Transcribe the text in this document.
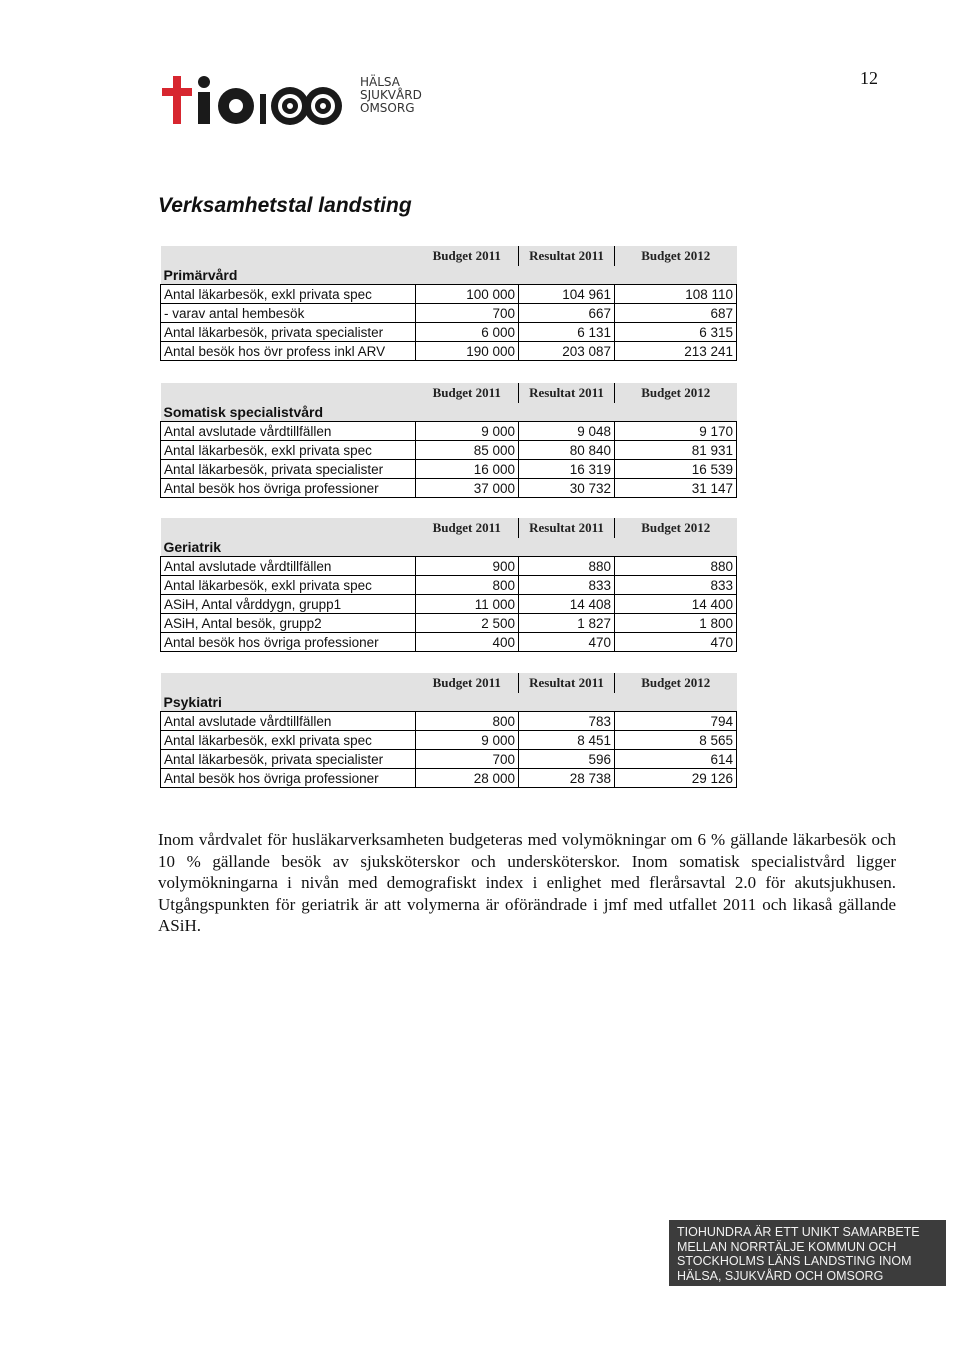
HÄLSA
SJUKVÅRD
OMSORG
12
Verksamhetstal landsting
	Budget 2011	Resultat 2011	Budget 2012
Primärvård			
Antal läkarbesök, exkl privata spec	100 000	104 961	108 110
- varav antal hembesök	700	667	687
Antal läkarbesök, privata specialister	6 000	6 131	6 315
Antal besök hos övr profess inkl ARV	190 000	203 087	213 241
	Budget 2011	Resultat 2011	Budget 2012
Somatisk specialistvård			
Antal avslutade vårdtillfällen	9 000	9 048	9 170
Antal läkarbesök, exkl privata spec	85 000	80 840	81 931
Antal läkarbesök, privata specialister	16 000	16 319	16 539
Antal besök hos övriga professioner	37 000	30 732	31 147
	Budget 2011	Resultat 2011	Budget 2012
Geriatrik			
Antal avslutade vårdtillfällen	900	880	880
Antal läkarbesök, exkl privata spec	800	833	833
ASiH, Antal vårddygn, grupp1	11 000	14 408	14 400
ASiH, Antal besök, grupp2	2 500	1 827	1 800
Antal besök hos övriga professioner	400	470	470
	Budget 2011	Resultat 2011	Budget 2012
Psykiatri			
Antal avslutade vårdtillfällen	800	783	794
Antal läkarbesök, exkl privata spec	9 000	8 451	8 565
Antal läkarbesök, privata specialister	700	596	614
Antal besök hos övriga professioner	28 000	28 738	29 126

Inom vårdvalet för husläkarverksamheten budgeteras med volymökningar om 6 % gällande läkarbesök och 10 % gällande besök av sjuksköterskor och undersköterskor. Inom somatisk specialistvård ligger volymökningarna i nivån med demografiskt index i enlighet med flerårsavtal 2.0 för akutsjukhusen. Utgångspunkten för geriatrik är att volymerna är oförändrade i jmf med utfallet 2011 och likaså gällande ASiH.

TIOHUNDRA ÄR ETT UNIKT SAMARBETE
MELLAN NORRTÄLJE KOMMUN OCH
STOCKHOLMS LÄNS LANDSTING INOM
HÄLSA, SJUKVÅRD OCH OMSORG
